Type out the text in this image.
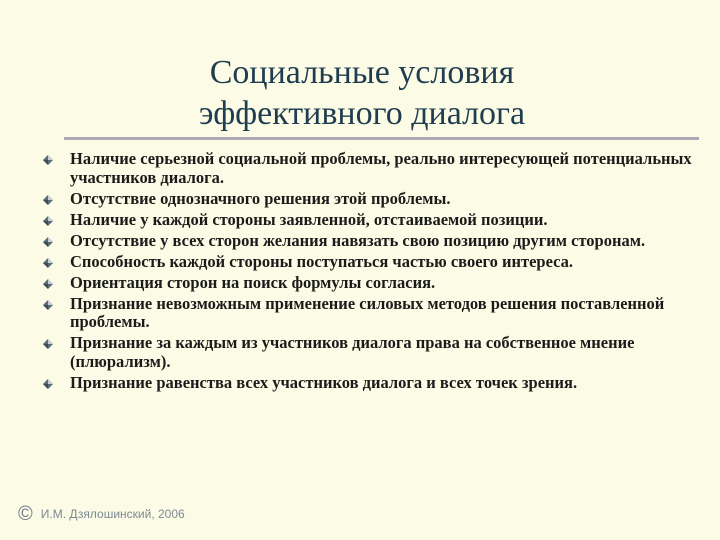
Социальные условия
эффективного диалога
Наличие серьезной социальной проблемы, реально интересующей потенциальных участников диалога.
Отсутствие однозначного решения этой проблемы.
Наличие у каждой стороны заявленной, отстаиваемой позиции.
Отсутствие у всех сторон желания навязать свою позицию другим сторонам.
Способность каждой стороны поступаться частью своего интереса.
Ориентация сторон на поиск формулы согласия.
Признание невозможным применение силовых методов решения поставленной проблемы.
Признание за каждым из участников диалога права на собственное мнение (плюрализм).
Признание равенства всех участников диалога и всех точек зрения.
© И.М. Дзялошинский, 2006
